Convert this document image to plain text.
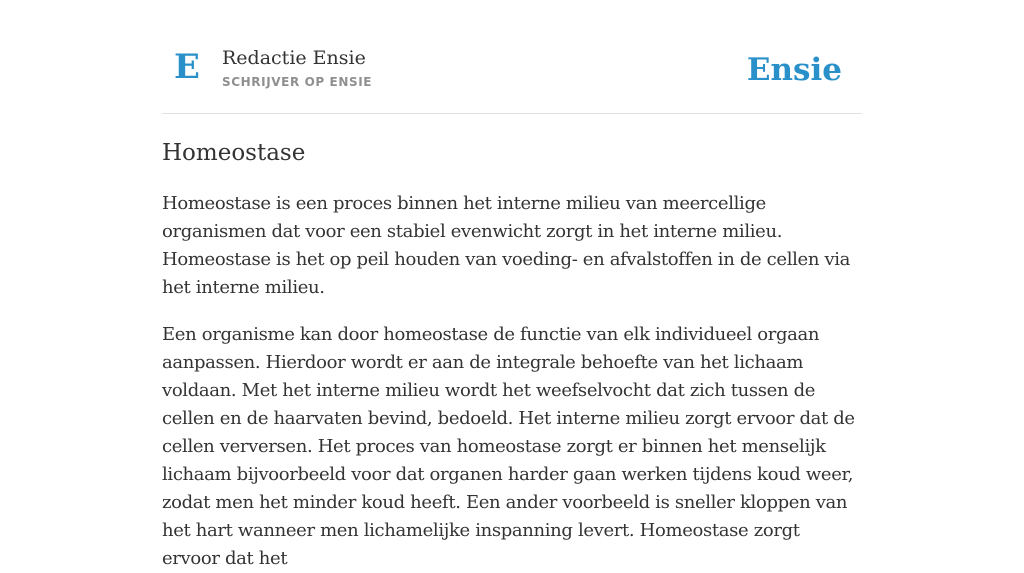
E Redactie Ensie
SCHRIJVER OP ENSIE	Ensie
Homeostase

Homeostase is een proces binnen het interne milieu van meercellige organismen dat voor een stabiel evenwicht zorgt in het interne milieu. Homeostase is het op peil houden van voeding- en afvalstoffen in de cellen via het interne milieu.

Een organisme kan door homeostase de functie van elk individueel orgaan aanpassen. Hierdoor wordt er aan de integrale behoefte van het lichaam voldaan. Met het interne milieu wordt het weefselvocht dat zich tussen de cellen en de haarvaten bevind, bedoeld. Het interne milieu zorgt ervoor dat de cellen verversen. Het proces van homeostase zorgt er binnen het menselijk lichaam bijvoorbeeld voor dat organen harder gaan werken tijdens koud weer, zodat men het minder koud heeft. Een ander voorbeeld is sneller kloppen van het hart wanneer men lichamelijke inspanning levert. Homeostase zorgt ervoor dat het
